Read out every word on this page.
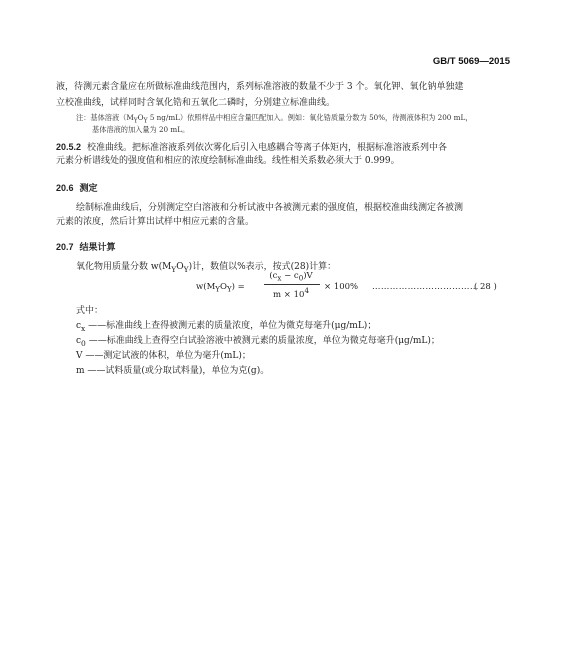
GB/T 5069—2015
液，待测元素含量应在所做标准曲线范围内，系列标准溶液的数量不少于 3 个。氧化钾、氧化钠单独建
立校准曲线，试样同时含氧化锆和五氧化二磷时，分别建立标准曲线。
注：基体溶液（$M_YO_Y$ 5 ng/mL）依照样品中相应含量匹配加入。例如：氧化锆质量分数为 50%，待测液体积为 200 mL，
基体溶液的加入量为 20 mL。
20.5.2 校准曲线。把标准溶液系列依次雾化后引入电感耦合等离子体矩内，根据标准溶液系列中各
元素分析谱线处的强度值和相应的浓度绘制标准曲线。线性相关系数必须大于 0.999。
20.6 测定
绘制标准曲线后，分别测定空白溶液和分析试液中各被测元素的强度值，根据校准曲线测定各被测
元素的浓度，然后计算出试样中相应元素的含量。
20.7 结果计算
氧化物用质量分数 $w(M_YO_Y)$计，数值以%表示，按式(28)计算：
$w(M_YO_Y)$ =
$(c_x - c_0)V$
$m \times 10^4$	× 100% ………………………………
( 28 )
式中：
$c_x$ ——标准曲线上查得被测元素的质量浓度，单位为微克每毫升(μg/mL)；
$c_0$ ——标准曲线上查得空白试验溶液中被测元素的质量浓度，单位为微克每毫升(μg/mL)；
V ——测定试液的体积，单位为毫升(mL)；
m ——试料质量(或分取试料量)，单位为克(g)。
